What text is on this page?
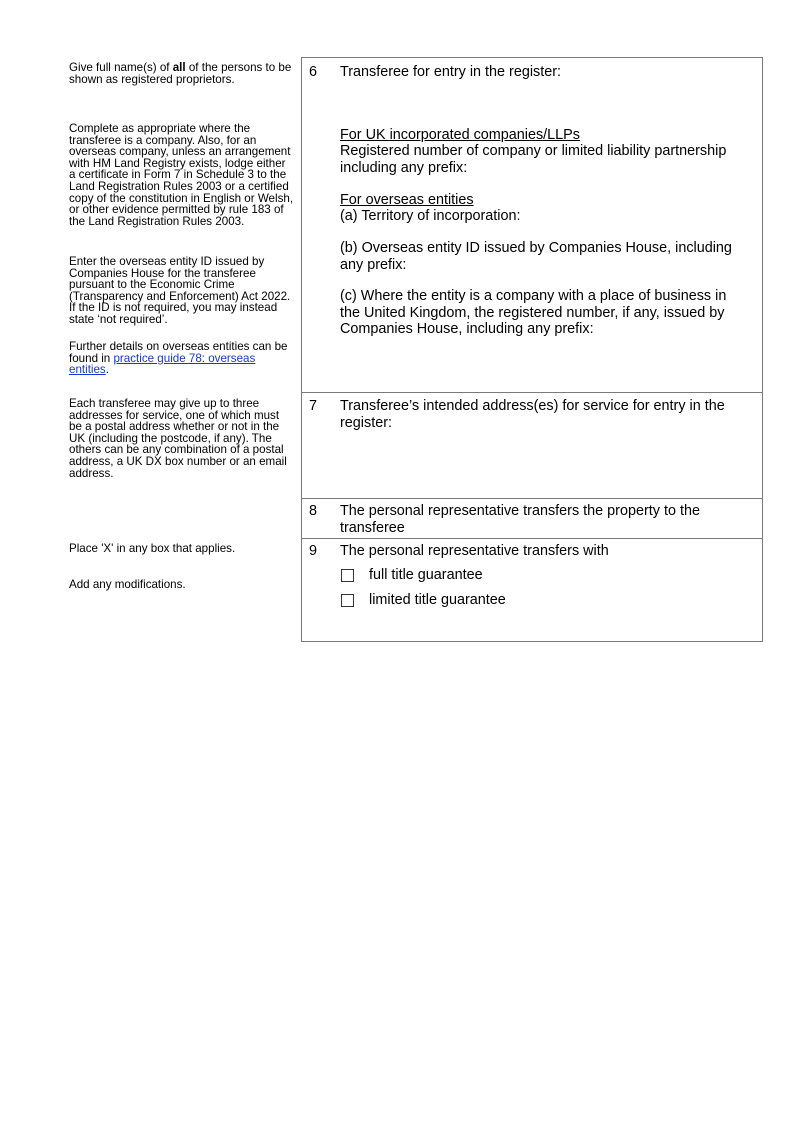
Give full name(s) of all of the persons to be shown as registered proprietors.

Complete as appropriate where the transferee is a company. Also, for an overseas company, unless an arrangement with HM Land Registry exists, lodge either a certificate in Form 7 in Schedule 3 to the Land Registration Rules 2003 or a certified copy of the constitution in English or Welsh, or other evidence permitted by rule 183 of the Land Registration Rules 2003.

Enter the overseas entity ID issued by Companies House for the transferee pursuant to the Economic Crime (Transparency and Enforcement) Act 2022. If the ID is not required, you may instead state ‘not required’.

Further details on overseas entities can be found in practice guide 78: overseas entities.

Each transferee may give up to three addresses for service, one of which must be a postal address whether or not in the UK (including the postcode, if any). The others can be any combination of a postal address, a UK DX box number or an email address.

Place 'X' in any box that applies.

Add any modifications.

6 Transferee for entry in the register:

For UK incorporated companies/LLPs

Registered number of company or limited liability partnership including any prefix:

For overseas entities

(a) Territory of incorporation:

(b) Overseas entity ID issued by Companies House, including any prefix:

(c) Where the entity is a company with a place of business in the United Kingdom, the registered number, if any, issued by Companies House, including any prefix:

7 Transferee’s intended address(es) for service for entry in the register:

8 The personal representative transfers the property to the transferee

9 The personal representative transfers with

full title guarantee
limited title guarantee
